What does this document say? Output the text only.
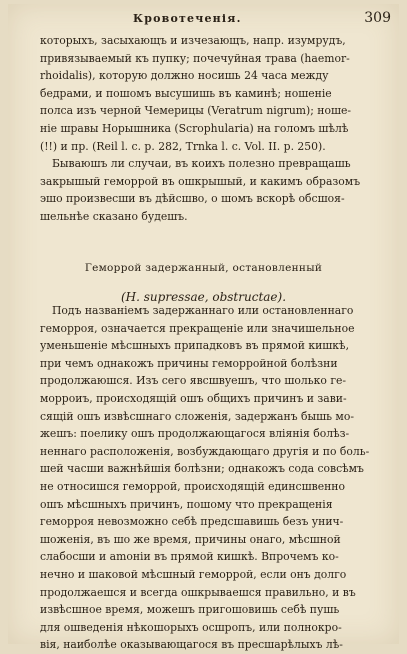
Кровотеченія.	309
которыхъ, засыхающъ и изчезающъ, напр. изумрудъ,
привязываемый къ пупку; почечуйная трава (haemor-
rhoidalis), которую должно носишь 24 часа между
бедрами, и пошомъ высушишь въ каминѣ; ношеніе
полса изъ черной Чемерицы (Veratrum nigrum); ноше-
ніе шравы Норышника (Scrophularia) на голомъ шѣлѣ
(!!) и пр. (Reil l. c. p. 282, Trnka l. c. Vol. II. p. 250).
Бываюшъ ли случаи, въ коихъ полезно превращашь
закрышый геморрой въ ошкрышый, и какимъ образомъ
эшо произвесши въ дѣйсшво, о шомъ вскорѣ обсшоя-
шельнѣе сказано будешъ.
Геморрой задержанный, остановленный
(H. supressae, obstructae).
Подъ названіемъ задержаннаго или остановленнаго
геморроя, означается прекращеніе или значишельное
уменьшеніе мѣсшныхъ припадковъ въ прямой кишкѣ,
при чемъ однакожъ причины геморройной болѣзни
продолжаюшся. Изъ сего явсшвуешъ, что шолько ге-
морроиъ, происходящій ошъ общихъ причинъ и зави-
сящій ошъ извѣсшнаго сложенія, задержанъ бышь мо-
жешъ: поелику ошъ продолжающагося вліянія болѣз-
неннаго расположенія, возбуждающаго другія и по боль-
шей часши важнѣйшія болѣзни; однакожъ сода совсѣмъ
не относишся геморрой, происходящій единсшвенно
ошъ мѣсшныхъ причинъ, пошому что прекращенія
геморроя невозможно себѣ предсшавишь безъ унич-
шоженія, въ шо же время, причины онаго, мѣсшной
слабосши и аmоніи въ прямой кишкѣ. Впрочемъ ко-
нечно и шаковой мѣсшный геморрой, если онъ долго
продолжаешся и всегда ошкрываешся правильно, и въ
извѣсшное время, можешъ пригошовишь себѣ пушь
для ошведенія нѣкошорыхъ осшропъ, или полнокро-
вія, наиболѣе оказывающагося въ пресшарѣлыхъ лѣ-
